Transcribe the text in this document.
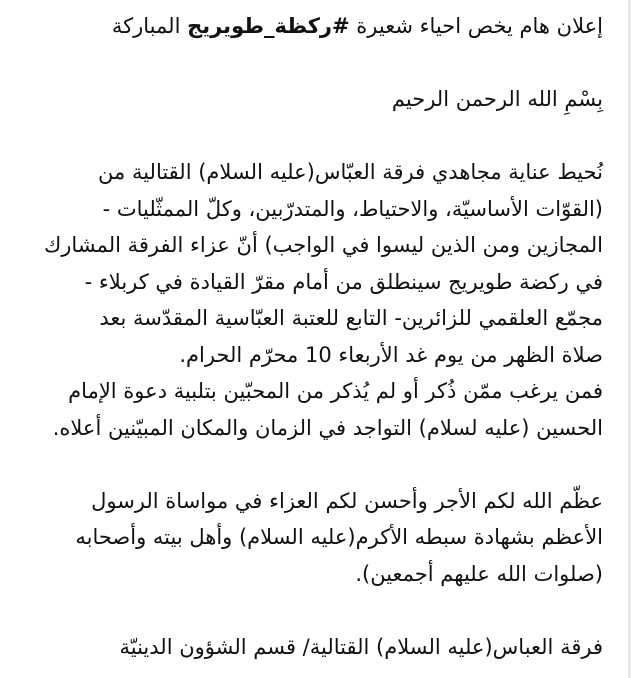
إعلان هام يخص احياء شعيرة #ركظة_طويريج المباركة
بِسْمِ الله الرحمن الرحيم
نُحيط عناية مجاهدي فرقة العبّاس(عليه السلام) القتالية من
(القوّات الأساسيّة، والاحتياط، والمتدرّبين، وكلّ الممثّليات -
المجازين ومن الذين ليسوا في الواجب) أنّ عزاء الفرقة المشارك
في ركضة طويريج سينطلق من أمام مقرّ القيادة في كربلاء -
مجمّع العلقمي للزائرين- التابع للعتبة العبّاسية المقدّسة بعد
صلاة الظهر من يوم غد الأربعاء 10 محرّم الحرام.
فمن يرغب ممّن ذُكر أو لم يُذكر من المحبّين بتلبية دعوة الإمام
الحسين (عليه لسلام) التواجد في الزمان والمكان المبيّنين أعلاه.
عظّم الله لكم الأجر وأحسن لكم العزاء في مواساة الرسول
الأعظم بشهادة سبطه الأكرم(عليه السلام) وأهل بيته وأصحابه
(صلوات الله عليهم أجمعين).
فرقة العباس(عليه السلام) القتالية/ قسم الشؤون الدينيّة
